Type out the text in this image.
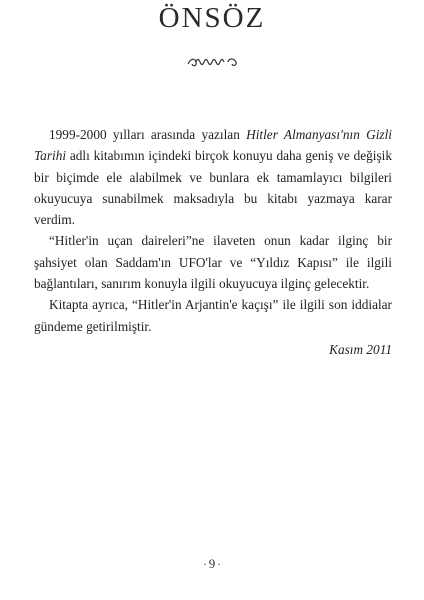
ÖNSÖZ

1999-2000 yılları arasında yazılan Hitler Almanyası'nın Gizli Tarihi adlı kitabımın içindeki birçok konuyu daha geniş ve değişik bir biçimde ele alabilmek ve bunlara ek tamamlayıcı bilgileri okuyucuya sunabilmek maksadıyla bu kitabı yazmaya karar verdim.

“Hitler'in uçan daireleri”ne ilaveten onun kadar ilginç bir şahsiyet olan Saddam'ın UFO'lar ve “Yıldız Kapısı” ile ilgili bağlantıları, sanırım konuyla ilgili okuyucuya ilginç gelecektir.

Kitapta ayrıca, “Hitler'in Arjantin'e kaçışı” ile ilgili son iddialar gündeme getirilmiştir.

Kasım 2011
· 9 ·
